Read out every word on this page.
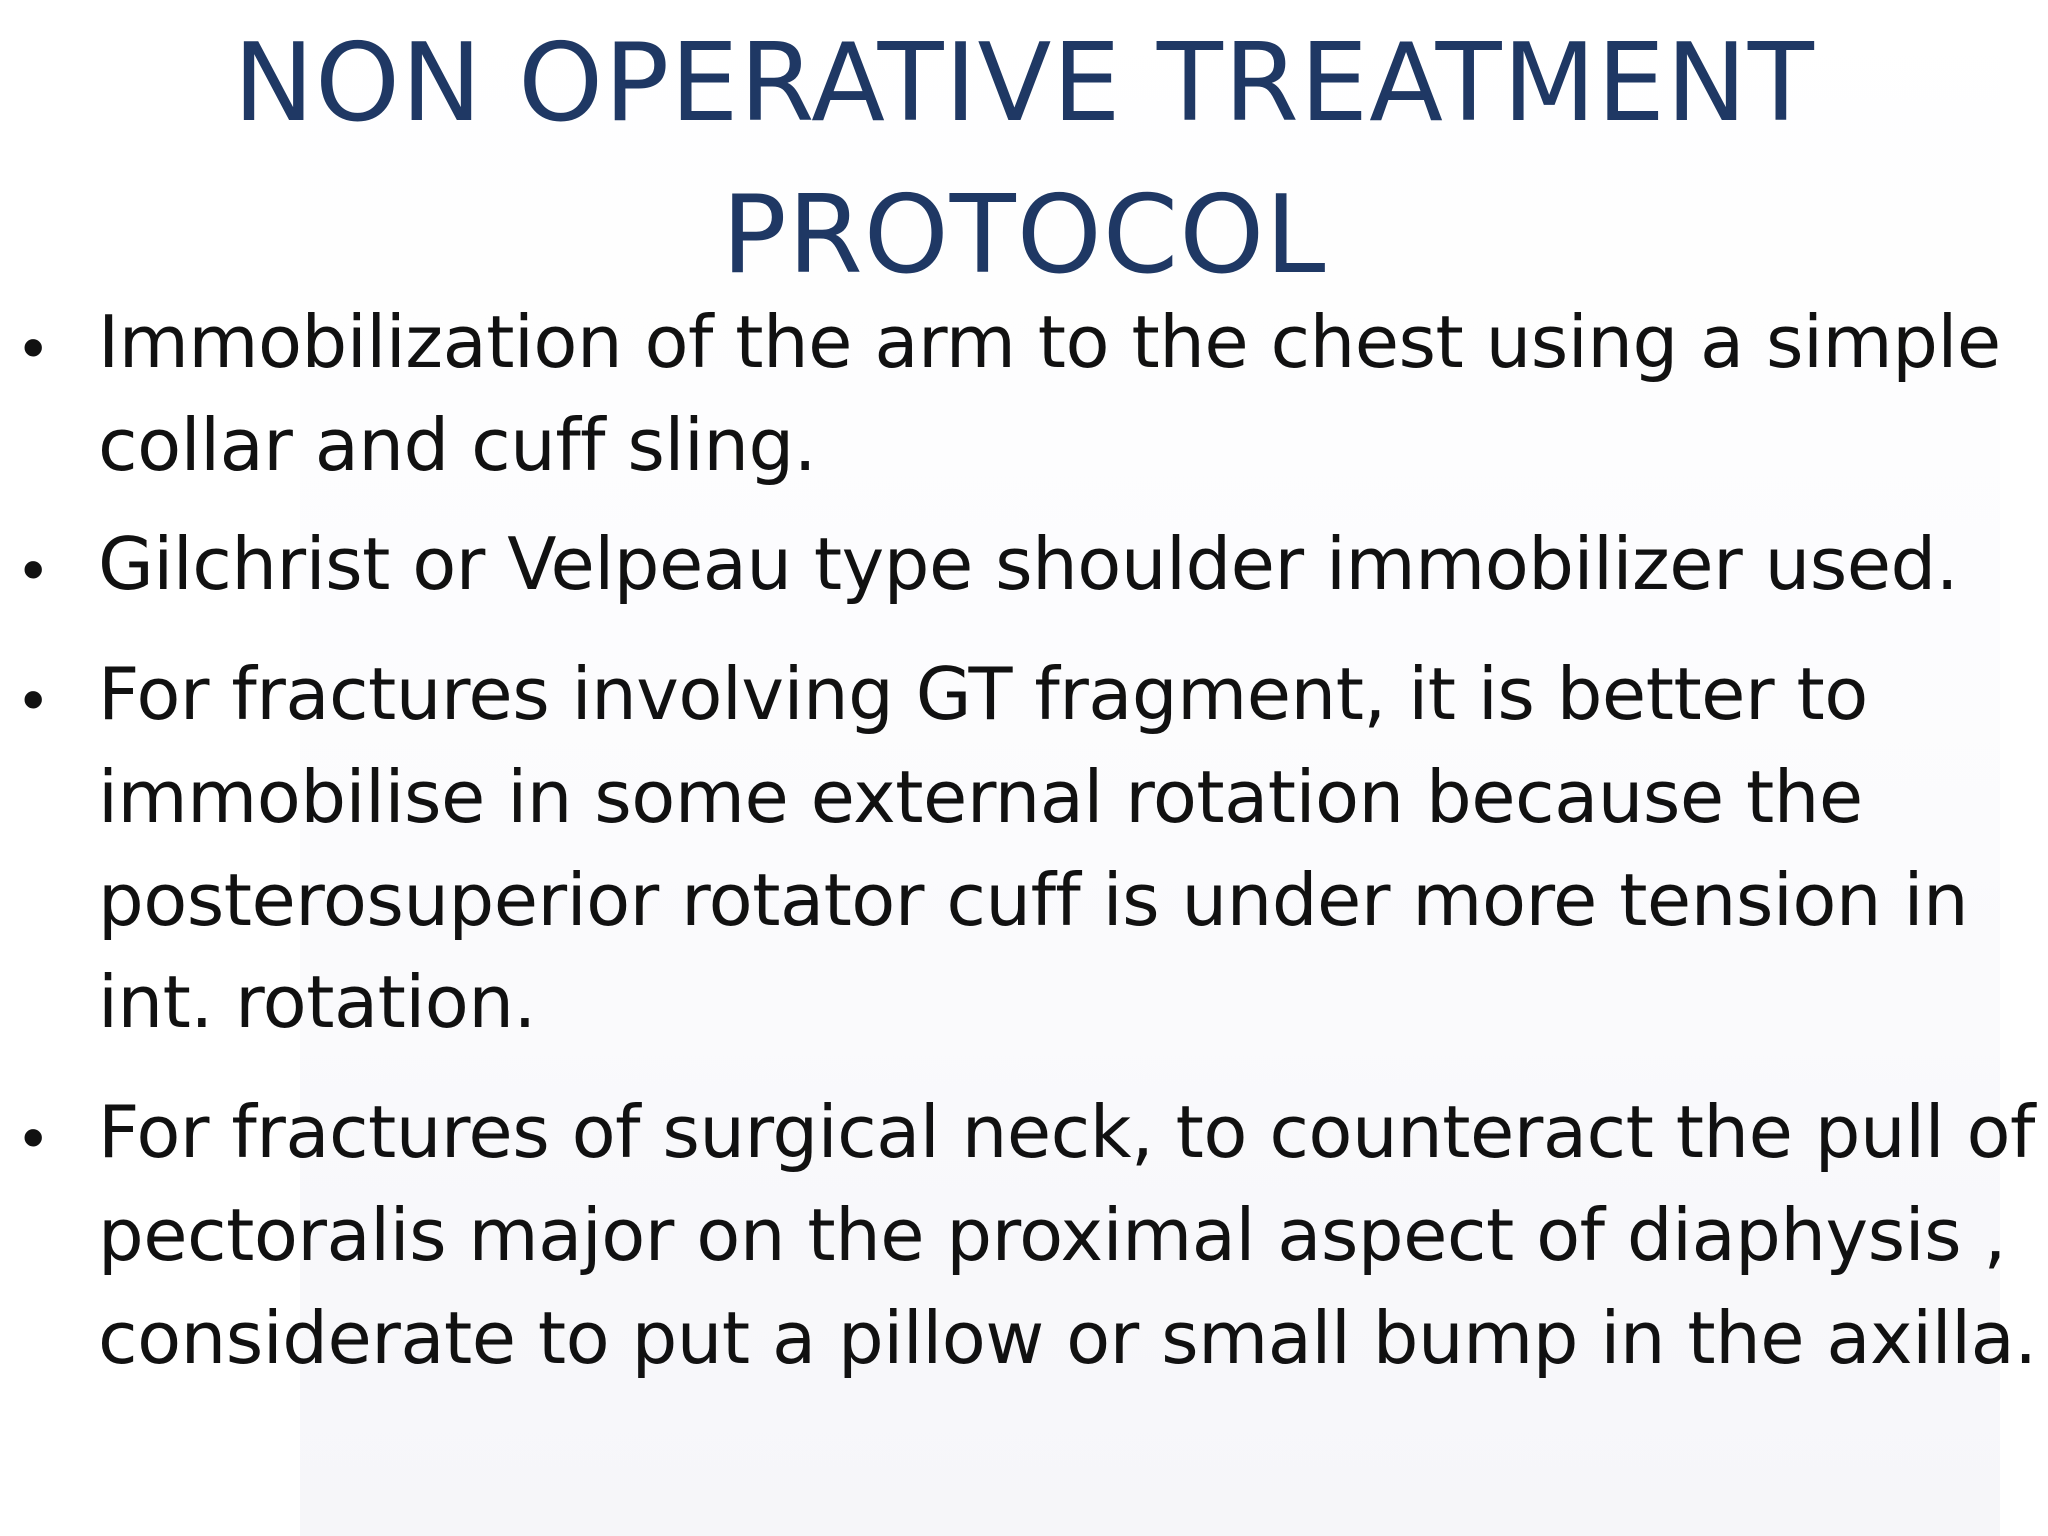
NON OPERATIVE TREATMENT
PROTOCOL
• Immobilization of the arm to the chest using a simple
collar and cuff sling.
• Gilchrist or Velpeau type shoulder immobilizer used.
• For fractures involving GT fragment, it is better to
immobilise in some external rotation because the
posterosuperior rotator cuff is under more tension in
int. rotation.
• For fractures of surgical neck, to counteract the pull of
pectoralis major on the proximal aspect of diaphysis ,
considerate to put a pillow or small bump in the axilla.
